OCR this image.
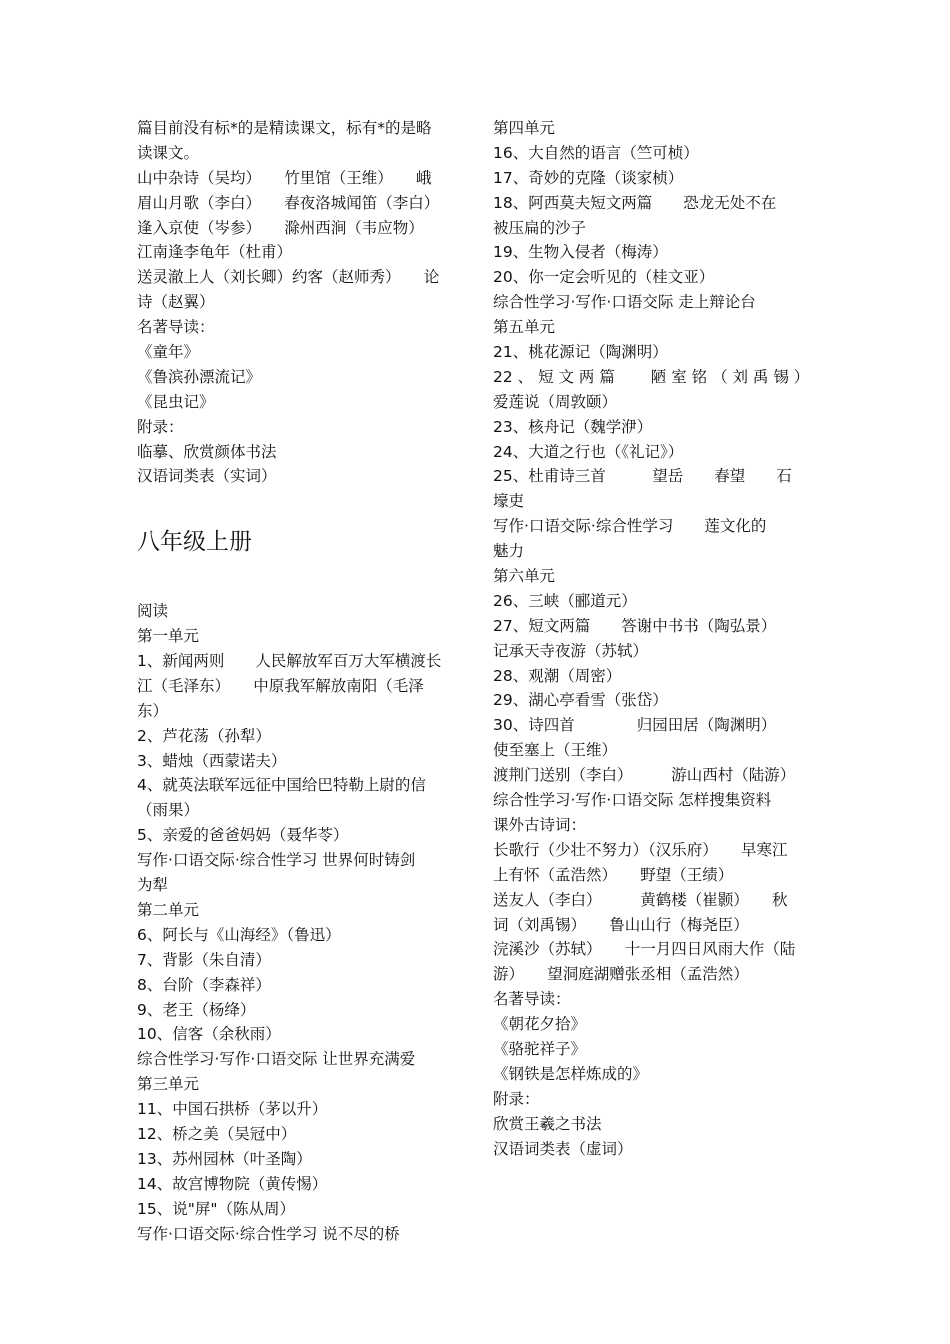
篇目前没有标*的是精读课文，标有*的是略
读课文。
山中杂诗（吴均）　　竹里馆（王维）　　峨
眉山月歌（李白）　　春夜洛城闻笛（李白）
逢入京使（岑参）　　滁州西涧（韦应物）
江南逢李龟年（杜甫）
送灵澈上人（刘长卿）约客（赵师秀）　　论
诗（赵翼）
名著导读：
《童年》
《鲁滨孙漂流记》
《昆虫记》
附录：
临摹、欣赏颜体书法
汉语词类表（实词）
八年级上册
阅读
第一单元
1、新闻两则　　人民解放军百万大军横渡长
江（毛泽东）　　中原我军解放南阳（毛泽
东）
2、芦花荡（孙犁）
3、蜡烛（西蒙诺夫）
4、就英法联军远征中国给巴特勒上尉的信
（雨果）
5、亲爱的爸爸妈妈（聂华苓）
写作·口语交际·综合性学习 世界何时铸剑
为犁
第二单元
6、阿长与《山海经》（鲁迅）
7、背影（朱自清）
8、台阶（李森祥）
9、老王（杨绛）
10、信客（余秋雨）
综合性学习·写作·口语交际 让世界充满爱
第三单元
11、中国石拱桥（茅以升）
12、桥之美（吴冠中）
13、苏州园林（叶圣陶）
14、故宫博物院（黄传惕）
15、说"屏"（陈从周）
写作·口语交际·综合性学习 说不尽的桥
第四单元
16、大自然的语言（竺可桢）
17、奇妙的克隆（谈家桢）
18、阿西莫夫短文两篇　　恐龙无处不在
被压扁的沙子
19、生物入侵者（梅涛）
20、你一定会听见的（桂文亚）
综合性学习·写作·口语交际 走上辩论台
第五单元
21、桃花源记（陶渊明）
22 、 短 文 两 篇 　　陋 室 铭 （ 刘 禹 锡 ）
爱莲说（周敦颐）
23、核舟记（魏学洢）
24、大道之行也（《礼记》）
25、杜甫诗三首　　　望岳　　春望　　石
壕吏
写作·口语交际·综合性学习　　莲文化的
魅力
第六单元
26、三峡（郦道元）
27、短文两篇　　答谢中书书（陶弘景）
记承天寺夜游（苏轼）
28、观潮（周密）
29、湖心亭看雪（张岱）
30、诗四首　　　　归园田居（陶渊明）
使至塞上（王维）
渡荆门送别（李白）　　　游山西村（陆游）
综合性学习·写作·口语交际 怎样搜集资料
课外古诗词：
长歌行（少壮不努力）（汉乐府）　　早寒江
上有怀（孟浩然）　　野望（王绩）
送友人（李白）　　　黄鹤楼（崔颢）　　秋
词（刘禹锡）　　鲁山山行（梅尧臣）
浣溪沙（苏轼）　　十一月四日风雨大作（陆
游）　　望洞庭湖赠张丞相（孟浩然）
名著导读：
《朝花夕拾》
《骆驼祥子》
《钢铁是怎样炼成的》
附录：
欣赏王羲之书法
汉语词类表（虚词）
